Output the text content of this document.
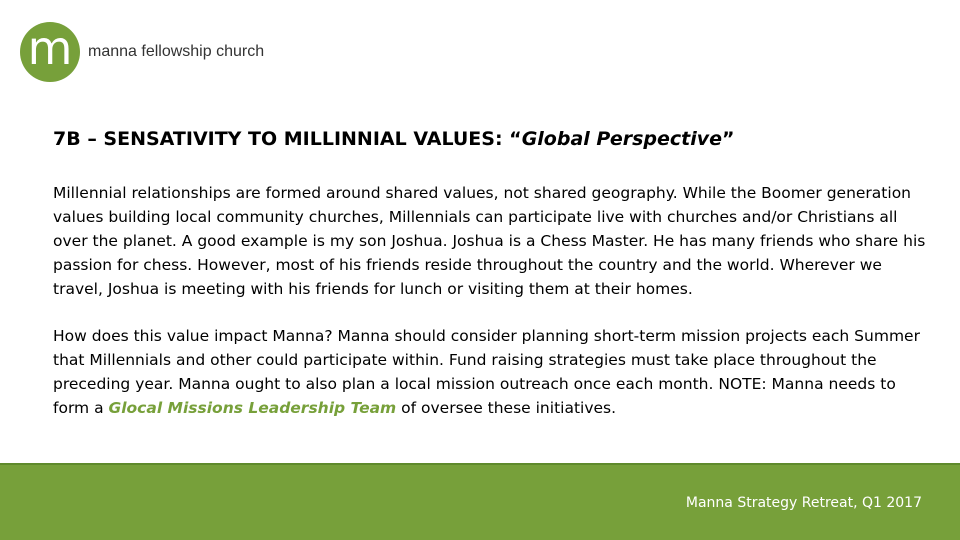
m manna fellowship church
7B – SENSATIVITY TO MILLINNIAL VALUES: “Global Perspective”

Millennial relationships are formed around shared values, not shared geography. While the Boomer generation values building local community churches, Millennials can participate live with churches and/or Christians all over the planet. A good example is my son Joshua. Joshua is a Chess Master. He has many friends who share his passion for chess. However, most of his friends reside throughout the country and the world. Wherever we travel, Joshua is meeting with his friends for lunch or visiting them at their homes.

How does this value impact Manna? Manna should consider planning short-term mission projects each Summer that Millennials and other could participate within. Fund raising strategies must take place throughout the preceding year. Manna ought to also plan a local mission outreach once each month. NOTE: Manna needs to form a Glocal Missions Leadership Team of oversee these initiatives.

Manna Strategy Retreat, Q1 2017
